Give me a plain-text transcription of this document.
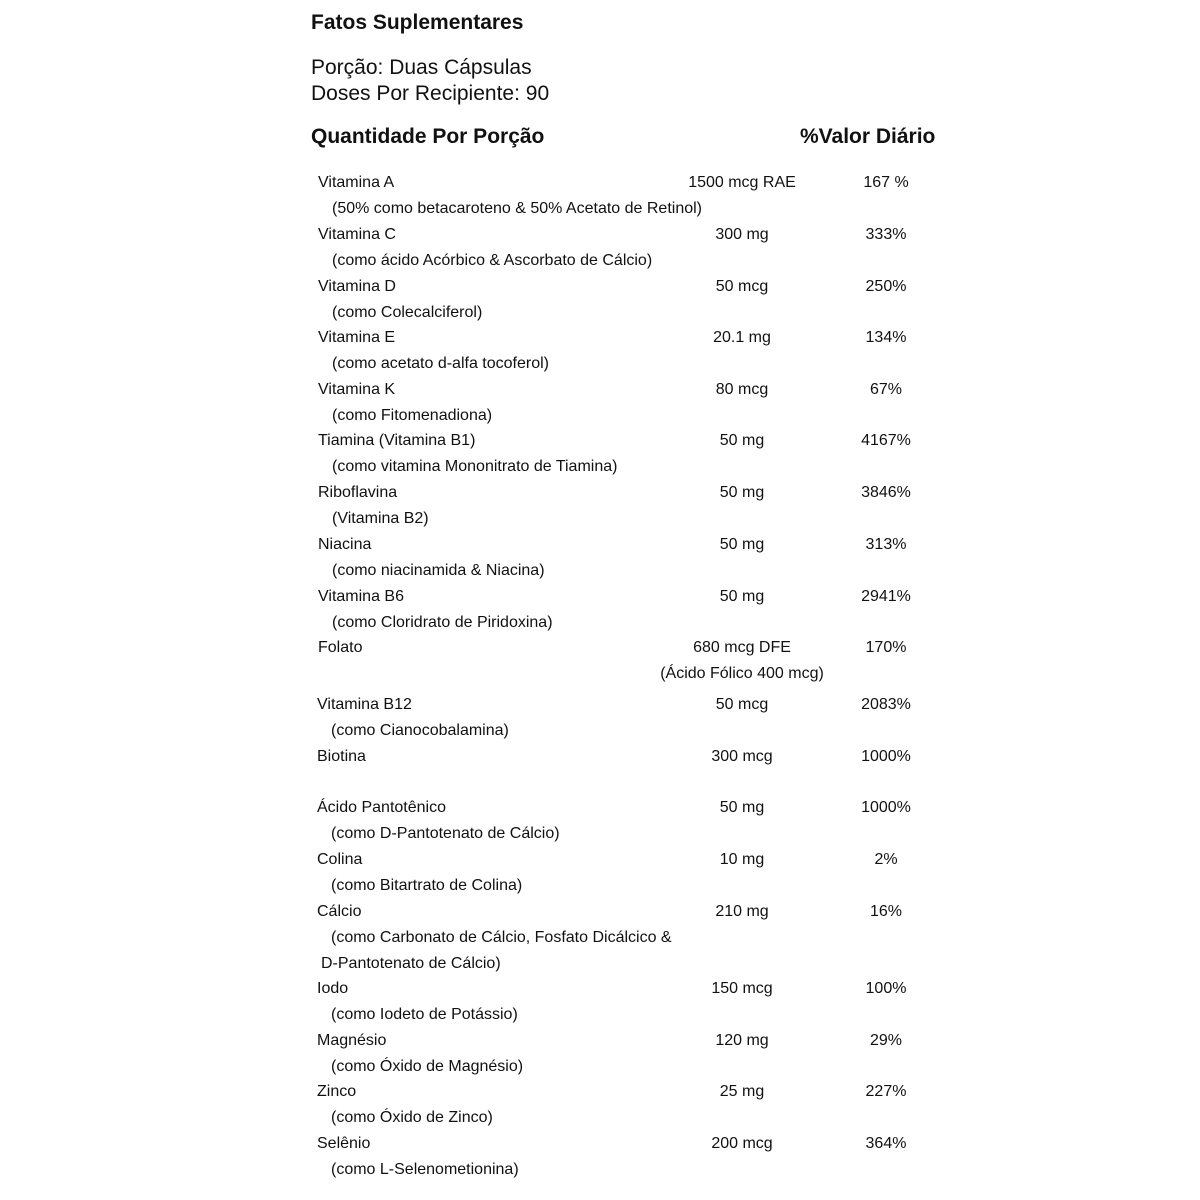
Fatos Suplementares
Porção: Duas Cápsulas
Doses Por Recipiente: 90
Quantidade Por Porção	%Valor Diário
Vitamina A	1500 mcg RAE	167 %
(50% como betacaroteno & 50% Acetato de Retinol)
Vitamina C	300 mg	333%
(como ácido Acórbico & Ascorbato de Cálcio)
Vitamina D	50 mcg	250%
(como Colecalciferol)
Vitamina E	20.1 mg	134%
(como acetato d-alfa tocoferol)
Vitamina K	80 mcg	67%
(como Fitomenadiona)
Tiamina (Vitamina B1)	50 mg	4167%
(como vitamina Mononitrato de Tiamina)
Riboflavina	50 mg	3846%
(Vitamina B2)
Niacina	50 mg	313%
(como niacinamida & Niacina)
Vitamina B6	50 mg	2941%
(como Cloridrato de Piridoxina)
Folato	680 mcg DFE	170%
(Ácido Fólico 400 mcg)
Vitamina B12	50 mcg	2083%
(como Cianocobalamina)
Biotina	300 mcg	1000%
Ácido Pantotênico	50 mg	1000%
(como D-Pantotenato de Cálcio)
Colina	10 mg	2%
(como Bitartrato de Colina)
Cálcio	210 mg	16%
(como Carbonato de Cálcio, Fosfato Dicálcico &
D-Pantotenato de Cálcio)
Iodo	150 mcg	100%
(como Iodeto de Potássio)
Magnésio	120 mg	29%
(como Óxido de Magnésio)
Zinco	25 mg	227%
(como Óxido de Zinco)
Selênio	200 mcg	364%
(como L-Selenometionina)
